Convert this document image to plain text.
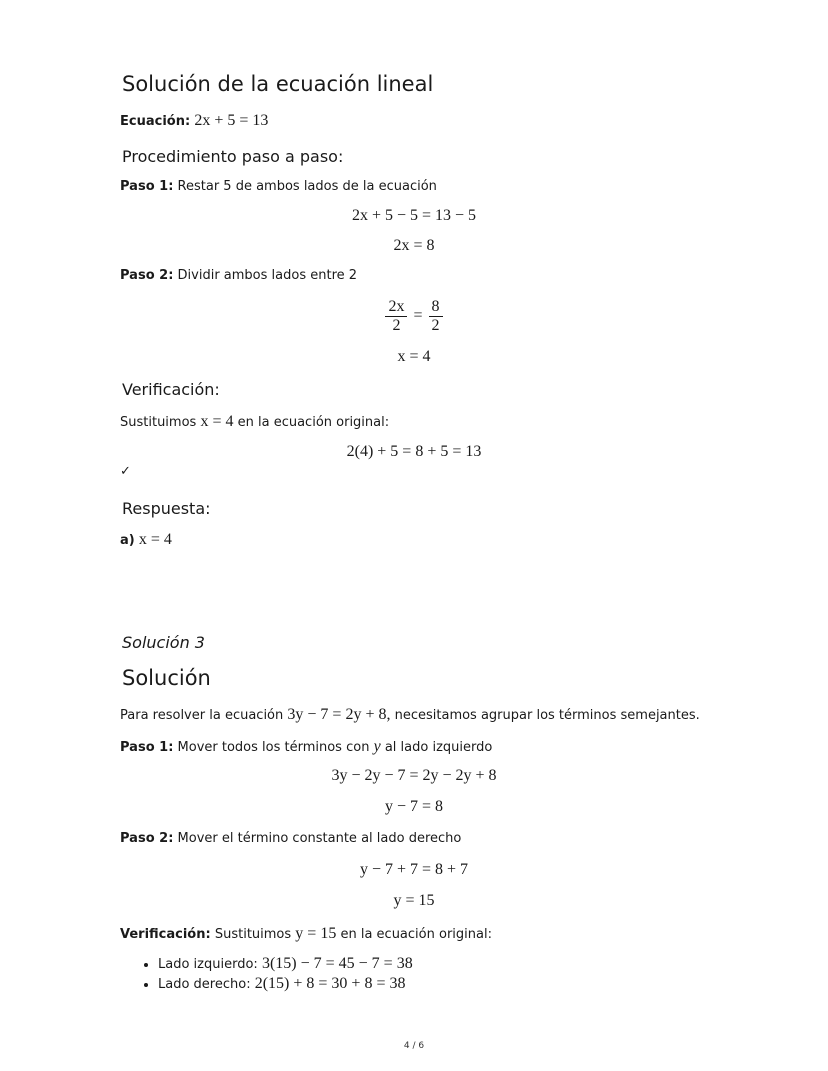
Solución de la ecuación lineal
Ecuación: 2x + 5 = 13
Procedimiento paso a paso:
Paso 1: Restar 5 de ambos lados de la ecuación
2x + 5 − 5 = 13 − 5
2x = 8
Paso 2: Dividir ambos lados entre 2
$\frac{2x}{2} = \frac{8}{2}$
x = 4
Verificación:
Sustituimos x = 4 en la ecuación original:
2(4) + 5 = 8 + 5 = 13
✓
Respuesta:
a) x = 4
Solución 3
Solución
Para resolver la ecuación 3y − 7 = 2y + 8, necesitamos agrupar los términos semejantes.
Paso 1: Mover todos los términos con y al lado izquierdo
3y − 2y − 7 = 2y − 2y + 8
y − 7 = 8
Paso 2: Mover el término constante al lado derecho
y − 7 + 7 = 8 + 7
y = 15
Verificación: Sustituimos y = 15 en la ecuación original:
• Lado izquierdo: 3(15) − 7 = 45 − 7 = 38
• Lado derecho: 2(15) + 8 = 30 + 8 = 38
4 / 6
